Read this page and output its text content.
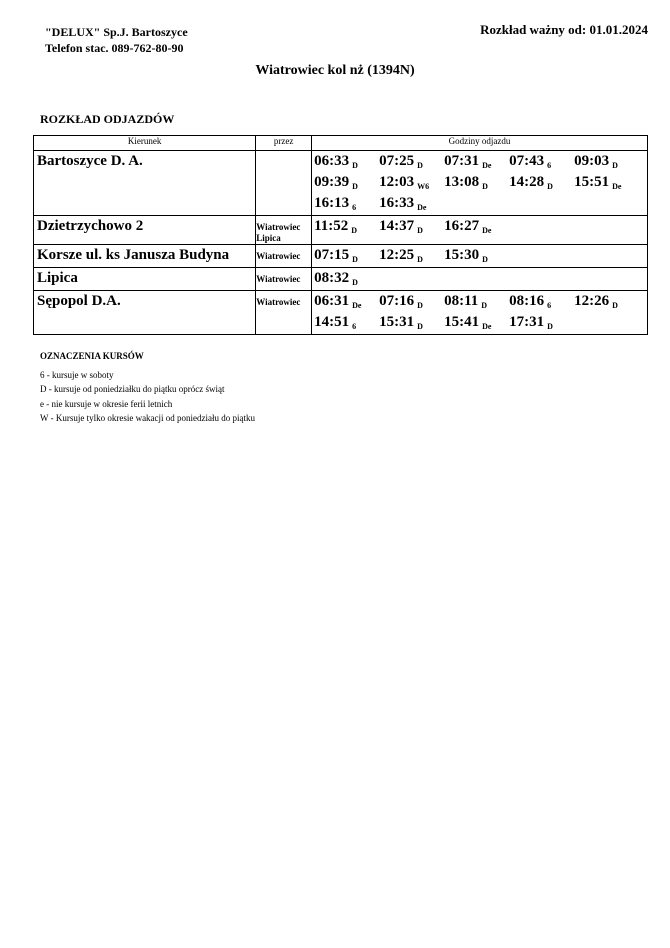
"DELUX" Sp.J. Bartoszyce
Telefon stac. 089-762-80-90
Rozkład ważny od: 01.01.2024
Wiatrowiec kol nż (1394N)
ROZKŁAD ODJAZDÓW
Kierunek	przez	Godziny odjazdu
Bartoszyce D. A.		06:33 $_D$ 07:25 $_D$ 07:31 $_{De}$ 07:43 $_6$ 09:03 $_D$
09:39 $_D$ 12:03 $_{W6}$ 13:08 $_D$ 14:28 $_D$ 15:51 $_{De}$
16:13 $_6$ 16:33 $_{De}$

Dzietrzychowo 2	Wiatrowiec Lipica	11:52 $_D$ 14:37 $_D$ 16:27 $_{De}$

Korsze ul. ks Janusza Budyna	Wiatrowiec	07:15 $_D$ 12:25 $_D$ 15:30 $_D$

Lipica	Wiatrowiec	08:32 $_D$

Sępopol D.A.	Wiatrowiec	06:31 $_{De}$ 07:16 $_D$ 08:11 $_D$ 08:16 $_6$ 12:26 $_D$
14:51 $_6$ 15:31 $_D$ 15:41 $_{De}$ 17:31 $_D$
OZNACZENIA KURSÓW
6 - kursuje w soboty
D - kursuje od poniedziałku do piątku oprócz świąt
e - nie kursuje w okresie ferii letnich
W - Kursuje tylko okresie wakacji od poniedziału do piątku
